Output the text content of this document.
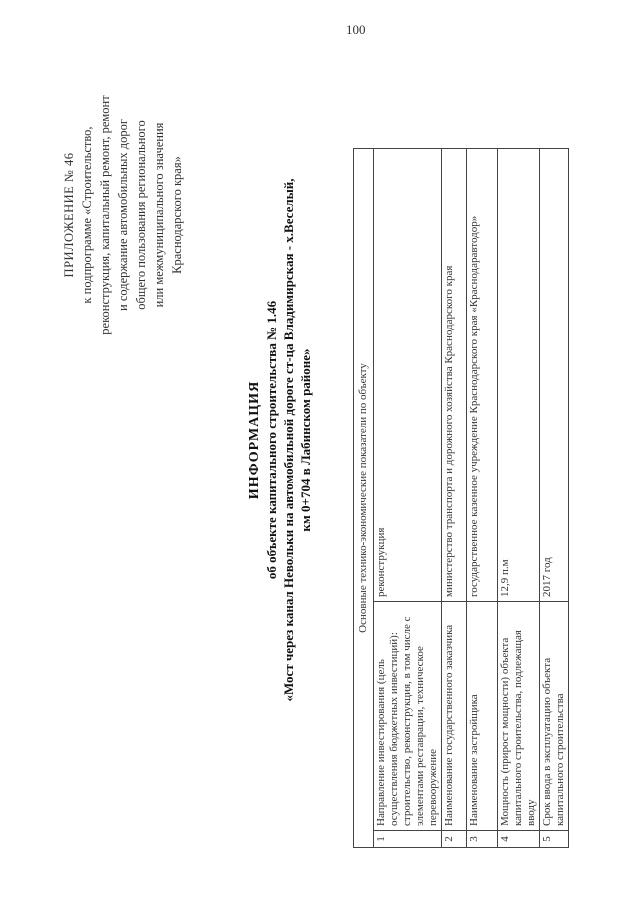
100
ПРИЛОЖЕНИЕ № 46 к подпрограмме «Строительство, реконструкция, капитальный ремонт, ремонт и содержание автомобильных дорог общего пользования регионального или межмуниципального значения Краснодарского края»
ИНФОРМАЦИЯ об объекте капитального строительства № 1.46 «Мост через канал Невольки на автомобильной дороге ст-ца Владимирская - х.Веселый, км 0+704 в Лабинском районе»	Основные технико-экономические показатели по объекту		
1	Направление инвестирования (цель осуществления бюджетных инвестиций): строительство, реконструкция, в том числе с элементами реставрации, техническое перевооружение	реконструкция
2	Наименование государственного заказчика	министерство транспорта и дорожного хозяйства Краснодарского края
3	Наименование застройщика	государственное казенное учреждение Краснодарского края «Краснодаравтодор»
4	Мощность (прирост мощности) объекта капитального строительства, подлежащая вводу	12,9 п.м
5	Срок ввода в эксплуатацию объекта капитального строительства	2017 год
